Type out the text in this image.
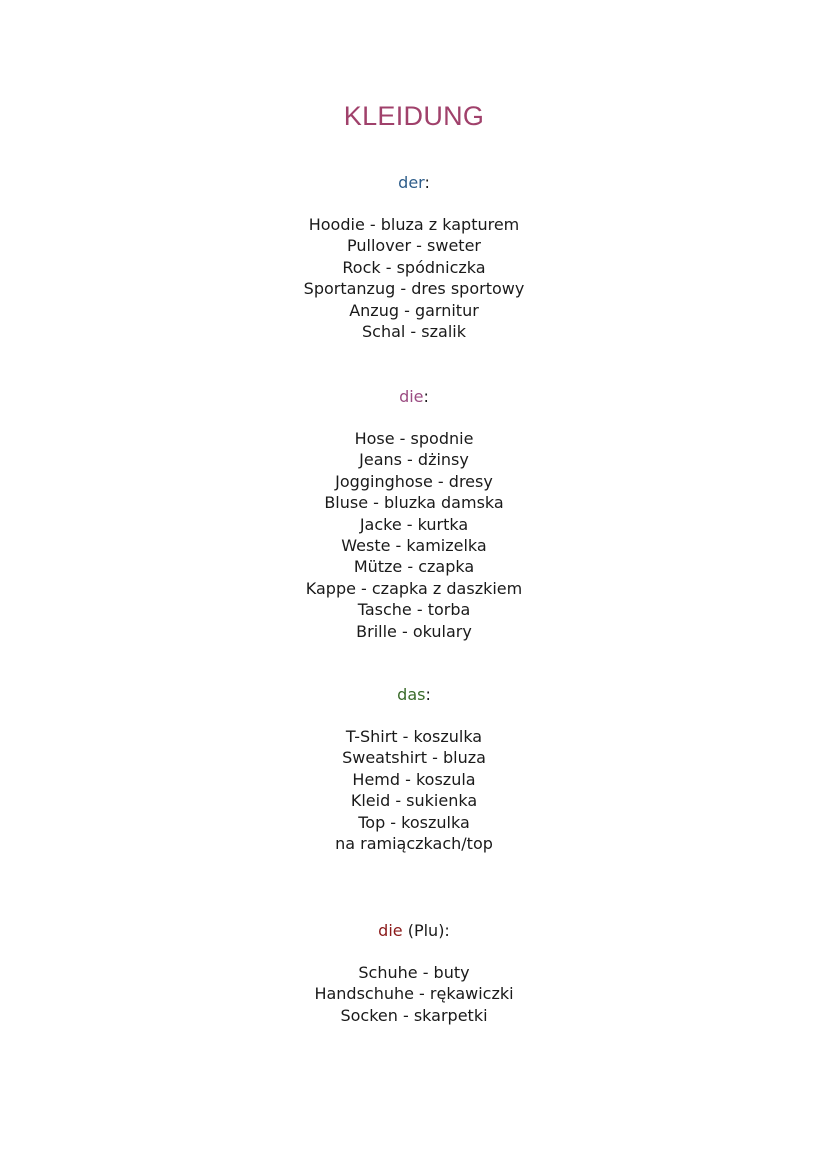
KLEIDUNG

der:

Hoodie - bluza z kapturem
Pullover - sweter
Rock - spódniczka
Sportanzug - dres sportowy
Anzug - garnitur
Schal - szalik

die:

Hose - spodnie
Jeans - dżinsy
Jogginghose - dresy
Bluse - bluzka damska
Jacke - kurtka
Weste - kamizelka
Mütze - czapka
Kappe - czapka z daszkiem
Tasche - torba
Brille - okulary

das:

T-Shirt - koszulka
Sweatshirt - bluza
Hemd - koszula
Kleid - sukienka
Top - koszulka
na ramiączkach/top

die (Plu):

Schuhe - buty
Handschuhe - rękawiczki
Socken - skarpetki
